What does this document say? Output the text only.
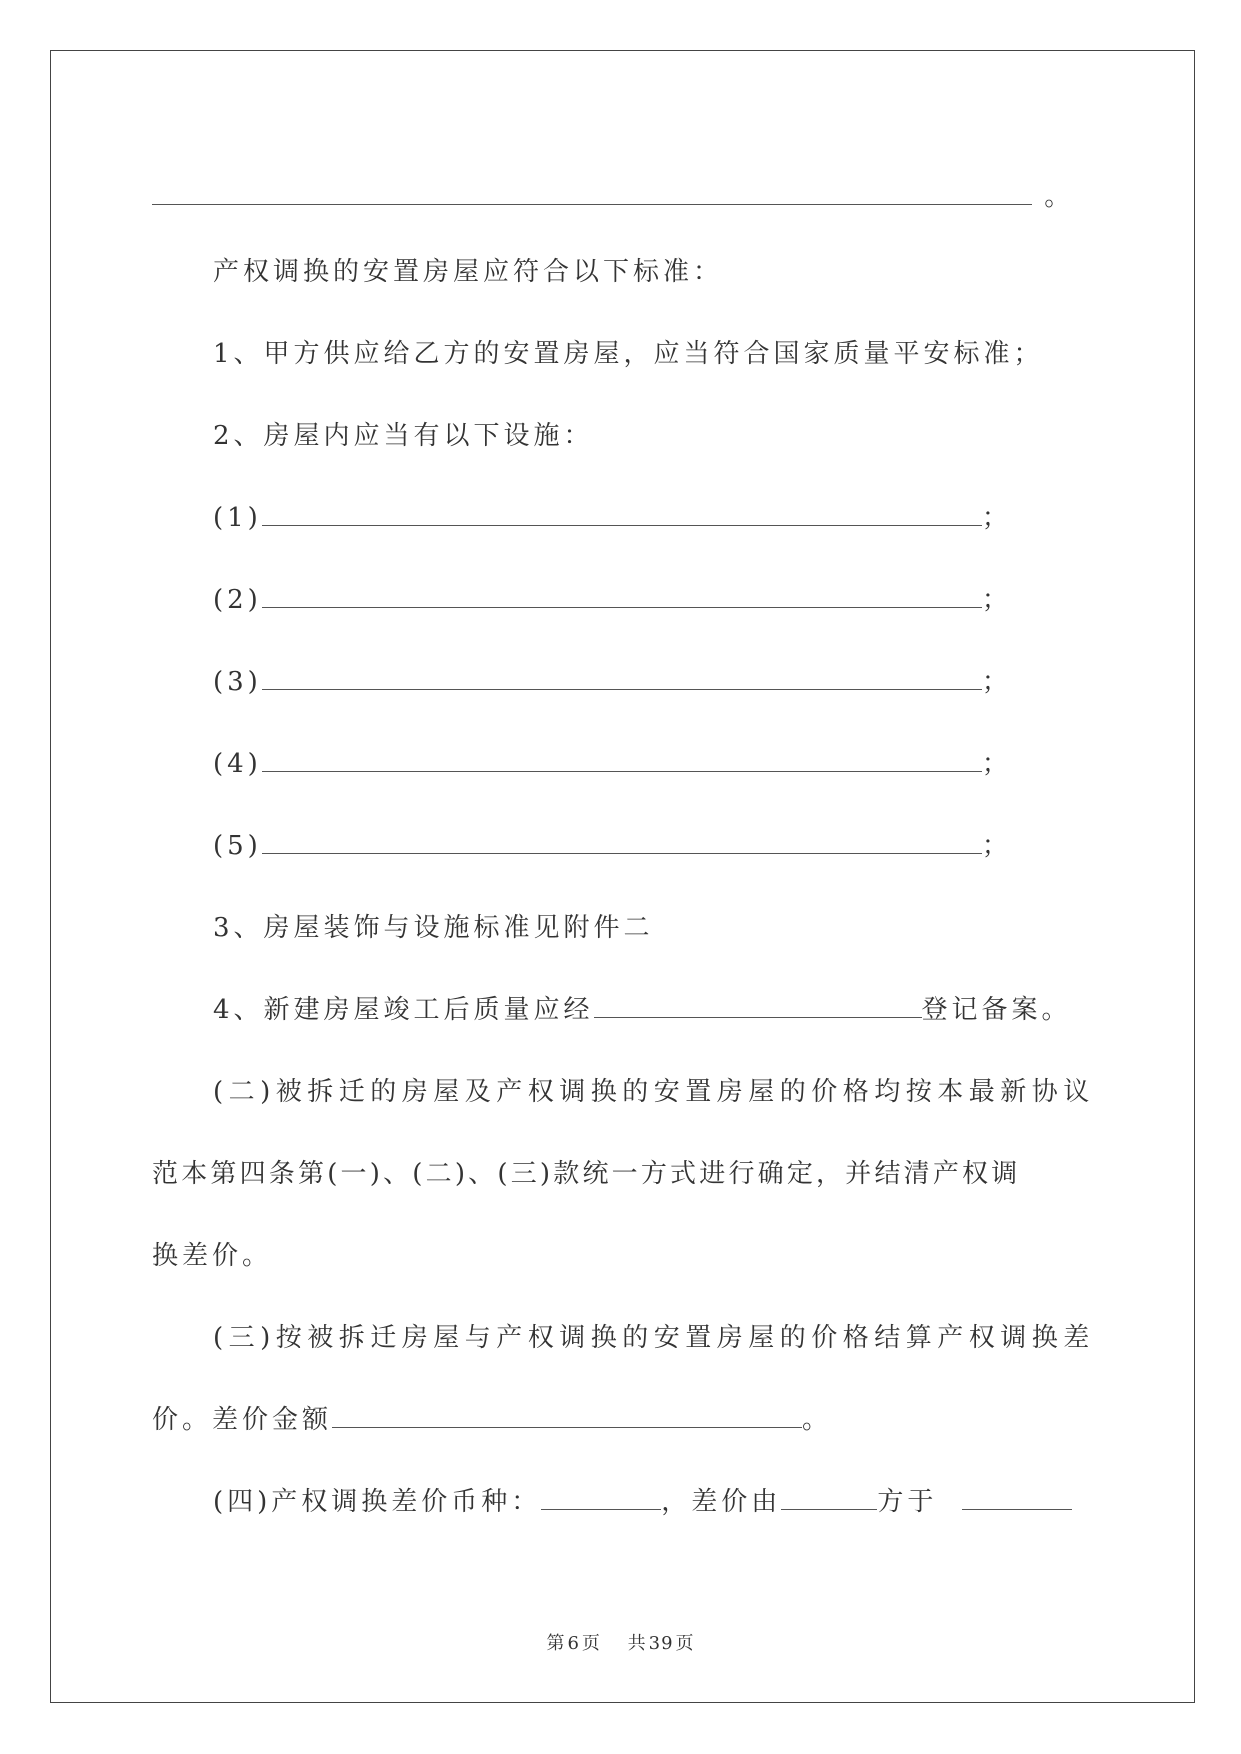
。
产权调换的安置房屋应符合以下标准：
1、甲方供应给乙方的安置房屋，应当符合国家质量平安标准；
2、房屋内应当有以下设施：
(1)	；
(2)	；
(3)	；
(4)	；
(5)	；
3、房屋装饰与设施标准见附件二
4、新建房屋竣工后质量应经	登记备案。
(二)被拆迁的房屋及产权调换的安置房屋的价格均按本最新协议
范本第四条第(一)、(二)、(三)款统一方式进行确定，并结清产权调
换差价。
(三)按被拆迁房屋与产权调换的安置房屋的价格结算产权调换差
价。差价金额	。
(四)产权调换差价币种：	，差价由	方于
第 6 页 共 39 页
